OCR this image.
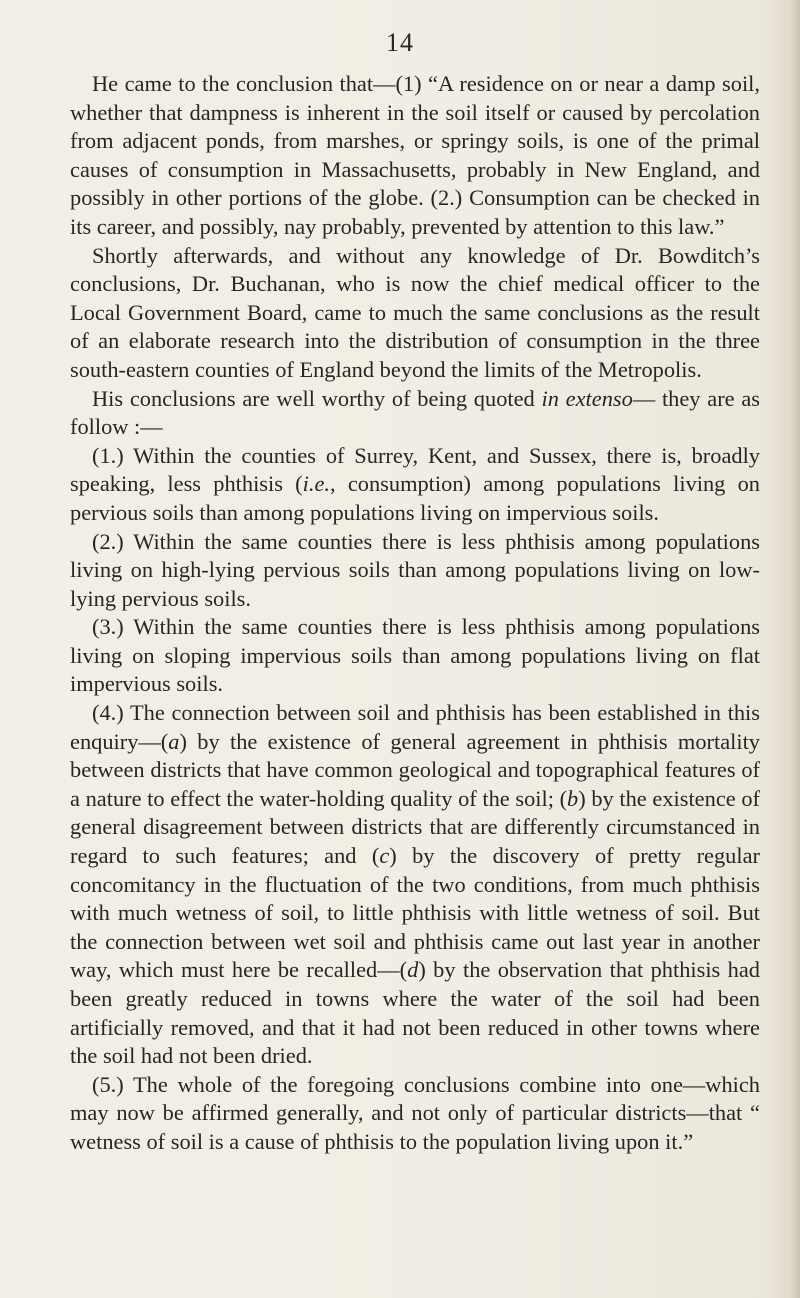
14

He came to the conclusion that—(1) “A residence on or near a damp soil, whether that dampness is inherent in the soil itself or caused by percolation from adjacent ponds, from marshes, or springy soils, is one of the primal causes of consumption in Massachusetts, probably in New England, and possibly in other portions of the globe. (2.) Consumption can be checked in its career, and possibly, nay probably, prevented by attention to this law.”

Shortly afterwards, and without any knowledge of Dr. Bowditch’s conclusions, Dr. Buchanan, who is now the chief medical officer to the Local Government Board, came to much the same conclusions as the result of an elaborate research into the distribution of consumption in the three south-eastern counties of England beyond the limits of the Metropolis.

His conclusions are well worthy of being quoted in extenso— they are as follow :—

(1.) Within the counties of Surrey, Kent, and Sussex, there is, broadly speaking, less phthisis (i.e., consumption) among populations living on pervious soils than among populations living on impervious soils.

(2.) Within the same counties there is less phthisis among populations living on high-lying pervious soils than among populations living on low-lying pervious soils.

(3.) Within the same counties there is less phthisis among populations living on sloping impervious soils than among populations living on flat impervious soils.

(4.) The connection between soil and phthisis has been established in this enquiry—(a) by the existence of general agreement in phthisis mortality between districts that have common geological and topographical features of a nature to effect the water-holding quality of the soil; (b) by the existence of general disagreement between districts that are differently circumstanced in regard to such features; and (c) by the discovery of pretty regular concomitancy in the fluctuation of the two conditions, from much phthisis with much wetness of soil, to little phthisis with little wetness of soil. But the connection between wet soil and phthisis came out last year in another way, which must here be recalled—(d) by the observation that phthisis had been greatly reduced in towns where the water of the soil had been artificially removed, and that it had not been reduced in other towns where the soil had not been dried.

(5.) The whole of the foregoing conclusions combine into one—which may now be affirmed generally, and not only of particular districts—that “ wetness of soil is a cause of phthisis to the population living upon it.”
